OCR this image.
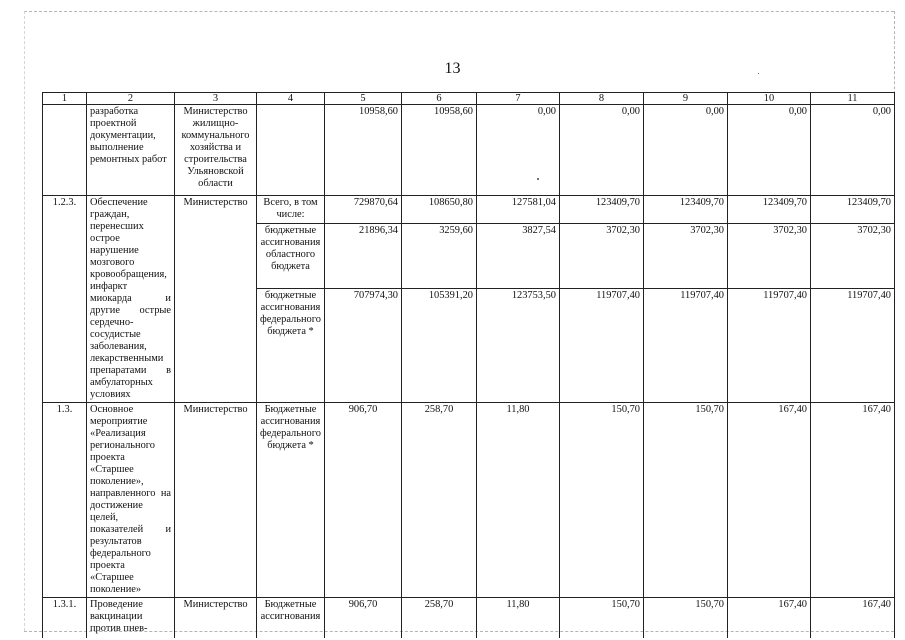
13
1	2	3	4	5	6	7	8	9	10	11
	разработка проектной документации, выполнение ремонтных работ	Министерство жилищно-коммунального хозяйства и строительства Ульяновской области		10958,60	10958,60	0,00	0,00	0,00	0,00	0,00
1.2.3.	Обеспечение граждан, перенесших острое нарушение мозгового кровообращения, инфаркт миокарда и другие острые сердечно-сосудистые заболевания, лекарственными препаратами в амбулаторных условиях	Министерство	Всего, в том числе:	729870,64	108650,80	127581,04	123409,70	123409,70	123409,70	123409,70
			бюджетные ассигнования областного бюджета	21896,34	3259,60	3827,54	3702,30	3702,30	3702,30	3702,30
			бюджетные ассигнования федерального бюджета *	707974,30	105391,20	123753,50	119707,40	119707,40	119707,40	119707,40
1.3.	Основное мероприятие «Реализация регионального проекта «Старшее поколение», направленного на достижение целей, показателей и результатов федерального проекта «Старшее поколение»	Министерство	Бюджетные ассигнования федерального бюджета *	906,70	258,70	11,80	150,70	150,70	167,40	167,40
1.3.1.	Проведение вакцинации против пнев-	Министерство	Бюджетные ассигнования	906,70	258,70	11,80	150,70	150,70	167,40	167,40
